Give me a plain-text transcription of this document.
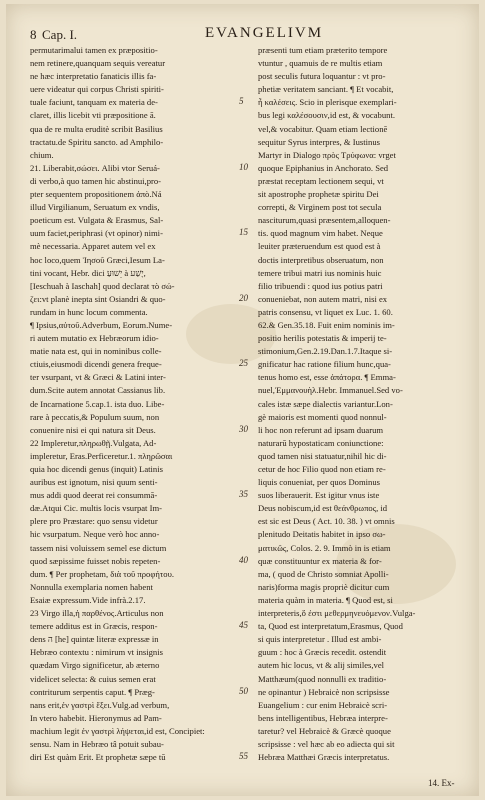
8 Cap. I.	EVANGELIVM
permutarimalui tamen ex præpositio-
nem retinere,quanquam sequis vereatur
ne hæc interpretatio fanaticis illis fa-
uere videatur qui corpus Christi spiriti-
tuale faciunt, tanquam ex materia de-
claret, illis licebit vti præpositione ā.
qua de re multa eruditè scribit Basilius
tractatu.de Spiritu sancto. ad Amphilo-
chium.
21. Liberabit,σώσει. Alibi vtor Seruá-
di verbo,à quo tamen hic abstinui,pro-
pter sequentem propositionem ἀπὸ.Ná
illud Virgilianum, Seruatum ex vndis,
poeticum est. Vulgata & Erasmus, Sal-
uum faciet,periphrasi (vt opinor) nimi-
mè necessaria. Apparet autem vel ex
hoc loco,quem Ἰησοῦ Græci,Iesum La-
tini vocant, Hebr. dici יֵשׁוּעַ à יָשַׁע,
[Ieschuah à Iaschah] quod declarat τὸ σώ-
ζει:vt planè inepta sint Osiandri & quo-
rundam in hunc locum commenta.
¶ Ipsius,αὐτοῦ.Adverbum, Eorum.Nume-
ri autem mutatio ex Hebræorum idio-
matie nata est, qui in nominibus colle-
ctiuis,eiusmodi dicendi genera freque-
ter vsurpant, vt & Græci & Latini inter-
dum.Scite autem annotat Cassianus lib.
de Incarnatione 5.cap.1. ista duo. Libe-
rare à peccatis,& Populum suum, non
conuenire nisi ei qui natura sit Deus.
22 Impleretur,πληρωθῇ.Vulgata, Ad-
impleretur, Eras.Perficeretur.1. πληρῶσαι
quia hoc dicendi genus (inquit) Latinis
auribus est ignotum, nisi quum senti-
mus addi quod deerat rei consummā-
dæ.Atqui Cic. multis locis vsurpat Im-
plere pro Præstare: quo sensu videtur
hic vsurpatum. Neque verò hoc anno-
tassem nisi voluissem semel ese dictum
quod sæpissime fuisset nobis repeten-
dum. ¶ Per prophetam, διὰ τοῦ προφήτου.
Nonnulla exemplaria nomen habent
Esaiæ expressum.Vide infrà.2.17.
23 Virgo illa,ἡ παρθένος.Articulus non
temere additus est in Græcis, respon-
dens ה [he] quintæ literæ expressæ in
Hebræo contextu : nimirum vt insignis
quædam Virgo significetur, ab æterno
videlicet selecta: & cuius semen erat
contriturum serpentis caput. ¶ Præg-
nans erit,ἐν γαστρὶ ἕξει.Vulg.ad verbum,
In vtero habebit. Hieronymus ad Pam-
machium legit ἐν γαστρὶ λήψεται,id est, Concipiet:
sensu. Nam in Hebræo tâ potuit subau-
diri Est quàm Erit. Et prophetæ sæpe tū
5
10
15
20
25
30
35
40
45
50
55
præsenti tum etiam præterito tempore
vtuntur , quamuis de re multis etiam
post seculis futura loquantur : vt pro-
phetiæ veritatem sanciant. ¶ Et vocabit,
ἧ καλέσεις. Scio in plerisque exemplari-
bus legi καλέσουσιν,id est, & vocabunt.
vel,& vocabitur. Quam etiam lectionē
sequitur Syrus interpres, & Iustinus
Martyr in Dialogo πρὸς Τρύφωνα: vrget
quoque Epiphanius in Anchorato. Sed
præstat receptam lectionem sequi, vt
sit apostrophe prophetæ spiritu Dei
correpti, & Virginem post tot secula
nasciturum,quasi præsentem,alloquen-
tis. quod magnum vim habet. Neque
leuiter præteruendum est quod est à
doctis interpretibus obseruatum, non
temere tribui matri ius nominis huic
filio tribuendi : quod ius potius patri
conueniebat, non autem matri, nisi ex
patris consensu, vt liquet ex Luc. 1. 60.
62.& Gen.35.18. Fuit enim nominis im-
positio herilis potestatis & imperij te-
stimonium,Gen.2.19.Dan.1.7.Itaque si-
gnificatur hac ratione filium hunc,qua-
tenus homo est, esse ἀπάτορα. ¶ Emma-
nuel,Ἐμμανουὴλ.Hebr. Immanuel.Sed vo-
cales istæ sæpe dialectis variantur.Lon-
gè maioris est momenti quod nonnul-
li hoc non referunt ad ipsam duarum
naturarū hypostaticam coniunctione:
quod tamen nisi statuatur,nihil hic di-
cetur de hoc Filio quod non etiam re-
liquis conueniat, per quos Dominus
suos liberauerit. Est igitur vnus iste
Deus nobiscum,id est θεάνθρωπος, id
est sic est Deus ( Act. 10. 38. ) vt omnis
plenitudo Deitatis habitet in ipso σω-
ματικῶς, Colos. 2. 9. Immò in is etiam
quæ constituuntur ex materia & for-
ma, ( quod de Christo somniat Apolli-
naris)forma magis propriè dicitur cum
materia quàm in materia. ¶ Quod est, si
interpreteris,ὅ ἐστι μεθερμηνευόμενον.Vulga-
ta, Quod est interpretatum,Erasmus, Quod
si quis interpretetur . Illud est ambi-
guum : hoc à Græcis recedit. ostendit
autem hic locus, vt & alij similes,vel
Matthæum(quod nonnulli ex traditio-
ne opinantur ) Hebraicè non scripsisse
Euangelium : cur enim Hebraicè scri-
bens intelligentibus, Hebræa interpre-
taretur? vel Hebraicè & Græcè quoque
scripsisse : vel hæc ab eo adiecta qui sit
Hebræa Matthæi Græcis interpretatus.
14. Ex-
